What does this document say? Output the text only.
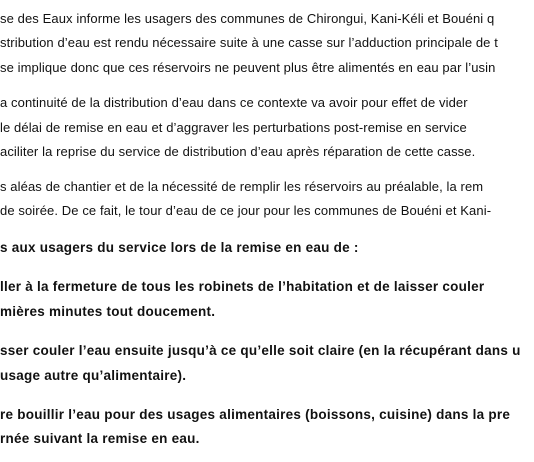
se des Eaux informe les usagers des communes de Chirongui, Kani-Kéli et Bouéni q
stribution d’eau est rendu nécessaire suite à une casse sur l’adduction principale de t
se implique donc que ces réservoirs ne peuvent plus être alimentés en eau par l’usin
a continuité de la distribution d’eau dans ce contexte va avoir pour effet de vider
le délai de remise en eau et d’aggraver les perturbations post-remise en service
aciliter la reprise du service de distribution d’eau après réparation de cette casse.
s aléas de chantier et de la nécessité de remplir les réservoirs au préalable, la rem
de soirée. De ce fait, le tour d’eau de ce jour pour les communes de Bouéni et Kani-
s aux usagers du service lors de la remise en eau de :
ller à la fermeture de tous les robinets de l’habitation et de laisser couler
mières minutes tout doucement.
sser couler l’eau ensuite jusqu’à ce qu’elle soit claire (en la récupérant dans u
usage autre qu’alimentaire).
re bouillir l’eau pour des usages alimentaires (boissons, cuisine) dans la pre
rnée suivant la remise en eau.
